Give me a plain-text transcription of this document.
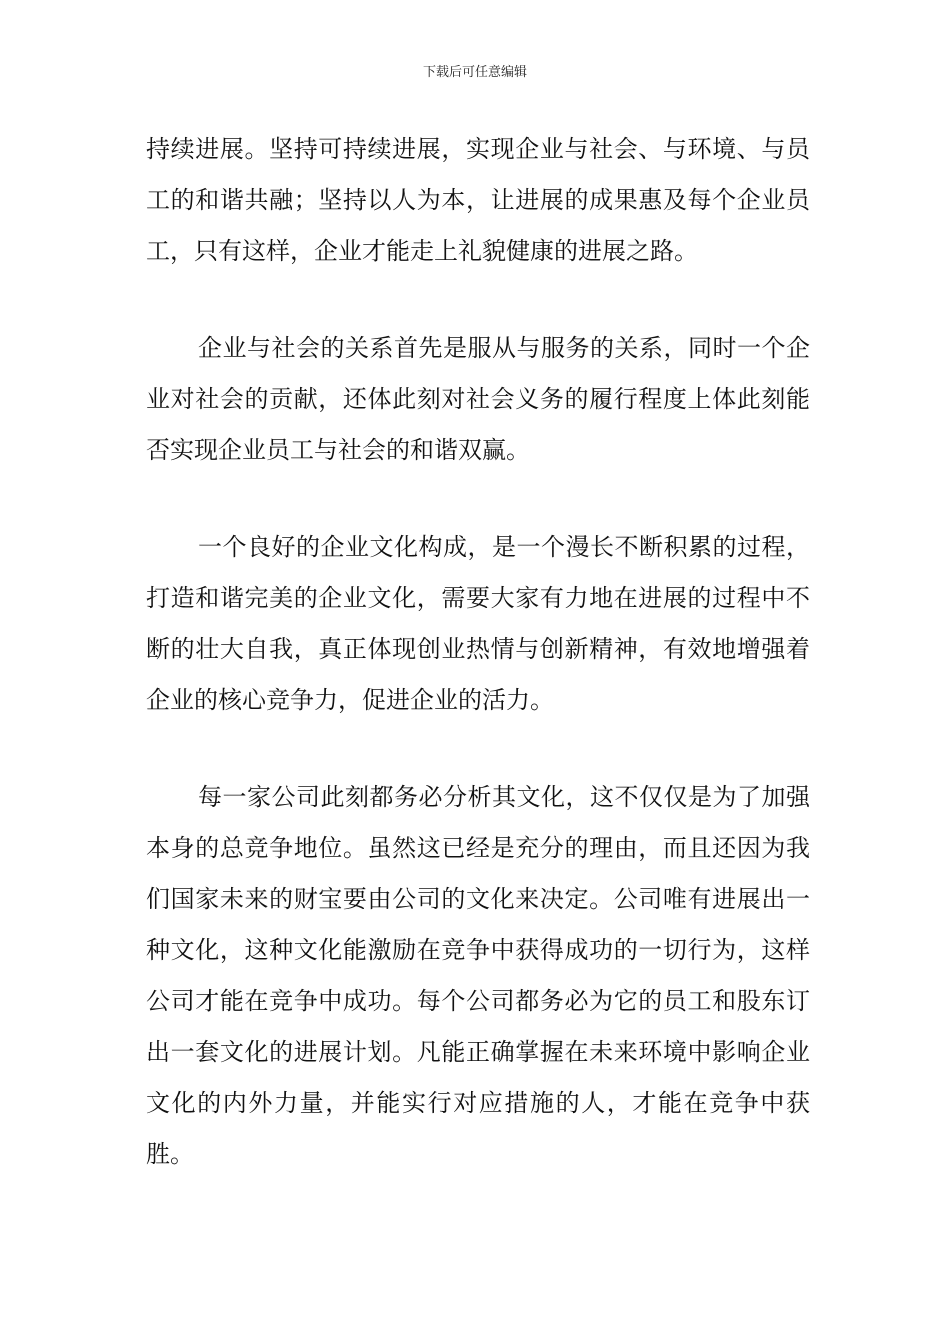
下载后可任意编辑

持续进展。坚持可持续进展，实现企业与社会、与环境、与员工的和谐共融；坚持以人为本，让进展的成果惠及每个企业员工，只有这样，企业才能走上礼貌健康的进展之路。

企业与社会的关系首先是服从与服务的关系，同时一个企业对社会的贡献，还体此刻对社会义务的履行程度上体此刻能否实现企业员工与社会的和谐双赢。

一个良好的企业文化构成，是一个漫长不断积累的过程，打造和谐完美的企业文化，需要大家有力地在进展的过程中不断的壮大自我，真正体现创业热情与创新精神，有效地增强着企业的核心竞争力，促进企业的活力。

每一家公司此刻都务必分析其文化，这不仅仅是为了加强本身的总竞争地位。虽然这已经是充分的理由，而且还因为我们国家未来的财宝要由公司的文化来决定。公司唯有进展出一种文化，这种文化能激励在竞争中获得成功的一切行为，这样公司才能在竞争中成功。每个公司都务必为它的员工和股东订出一套文化的进展计划。凡能正确掌握在未来环境中影响企业文化的内外力量，并能实行对应措施的人，才能在竞争中获胜。
